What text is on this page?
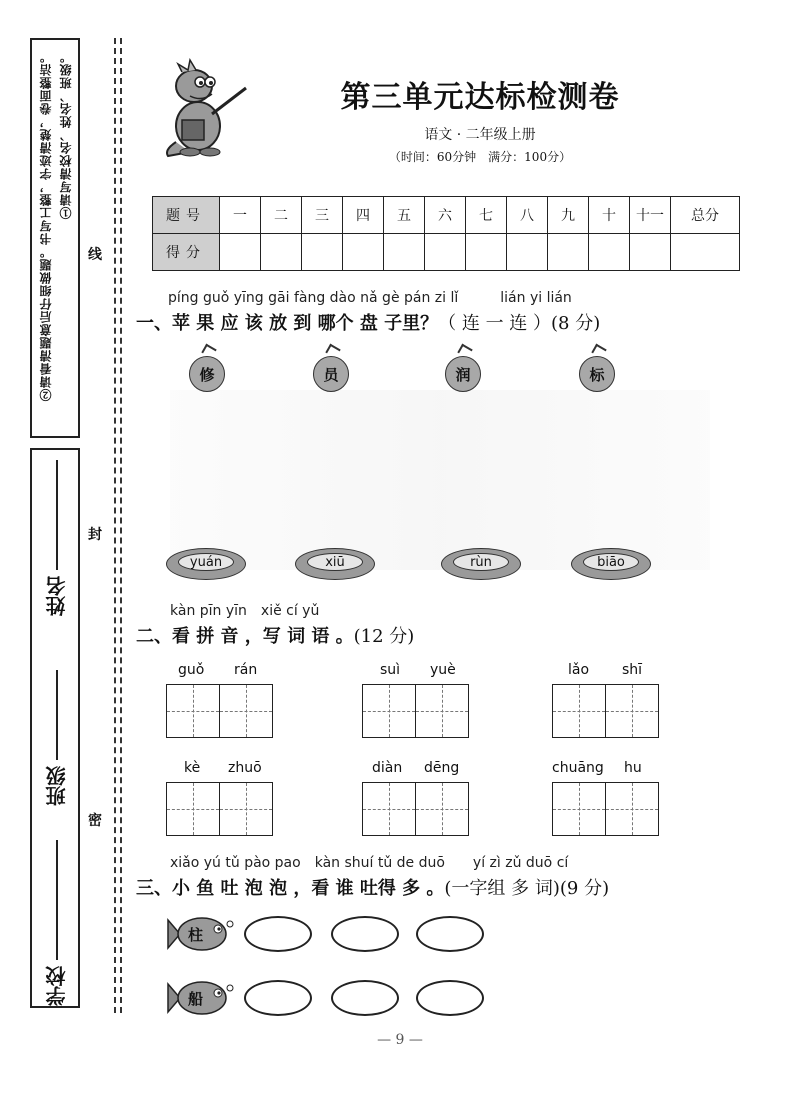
①请写清校名、姓名、班级。
②请看清题意后仔细做题。书写工整，字迹清楚，卷面整洁。
学校
班级
姓名
线
封
密
第三单元达标检测卷
语文 · 二年级上册
（时间：60分钟　满分：100分）
题号	一	二	三	四	五	六	七	八	九	十	十一	总分
得分												
píng guǒ yīng gāi fàng dào nǎ gè pán zi lǐ　　　lián yi lián
一、苹 果 应 该 放 到 哪个 盘 子里？（ 连 一 连 ）(8 分)
修	员	润	标
yuán	xiū	rùn	biāo
kàn pīn yīn　xiě cí yǔ
二、看 拼 音 ，写 词 语 。(12 分)
guǒ rán	suì yuè	lǎo shī
kè zhuō	diàn dēng	chuāng hu
xiǎo yú tǔ pào pao　kàn shuí tǔ de duō　　yí zì zǔ duō cí
三、小 鱼 吐 泡 泡 ，看 谁 吐得 多 。(一字组 多 词)(9 分)
柱
船
— 9 —
